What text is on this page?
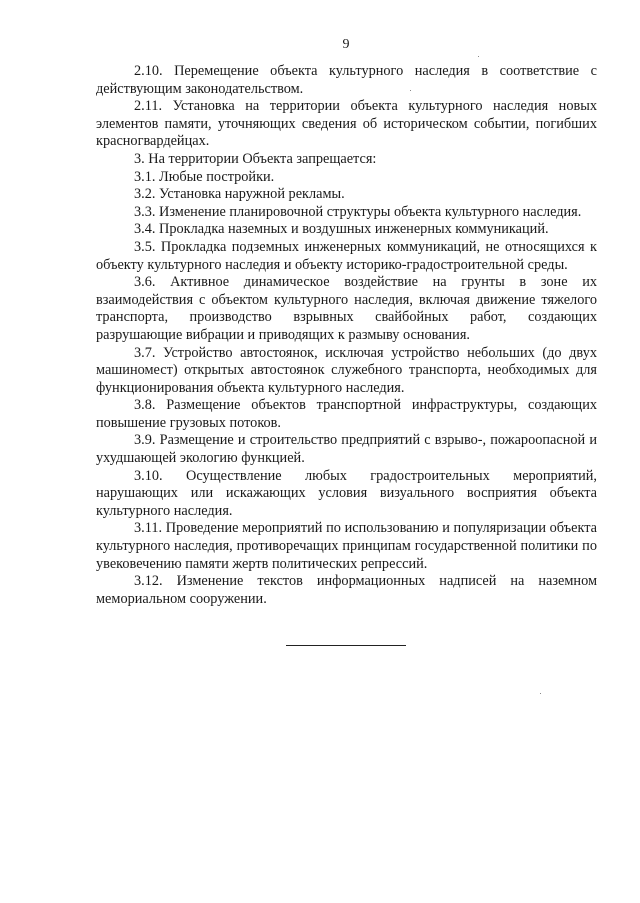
9

2.10. Перемещение объекта культурного наследия в соответствие с действующим законодательством.

2.11. Установка на территории объекта культурного наследия новых элементов памяти, уточняющих сведения об историческом событии, погибших красногвардейцах.

3. На территории Объекта запрещается:

3.1. Любые постройки.

3.2. Установка наружной рекламы.

3.3. Изменение планировочной структуры объекта культурного наследия.

3.4. Прокладка наземных и воздушных инженерных коммуникаций.

3.5. Прокладка подземных инженерных коммуникаций, не относящихся к объекту культурного наследия и объекту историко-градостроительной среды.

3.6. Активное динамическое воздействие на грунты в зоне их взаимодействия с объектом культурного наследия, включая движение тяжелого транспорта, производство взрывных свайбойных работ, создающих разрушающие вибрации и приводящих к размыву основания.

3.7. Устройство автостоянок, исключая устройство небольших (до двух машиномест) открытых автостоянок служебного транспорта, необходимых для функционирования объекта культурного наследия.

3.8. Размещение объектов транспортной инфраструктуры, создающих повышение грузовых потоков.

3.9. Размещение и строительство предприятий с взрыво-, пожароопасной и ухудшающей экологию функцией.

3.10. Осуществление любых градостроительных мероприятий, нарушающих или искажающих условия визуального восприятия объекта культурного наследия.

3.11. Проведение мероприятий по использованию и популяризации объекта культурного наследия, противоречащих принципам государственной политики по увековечению памяти жертв политических репрессий.

3.12. Изменение текстов информационных надписей на наземном мемориальном сооружении.
